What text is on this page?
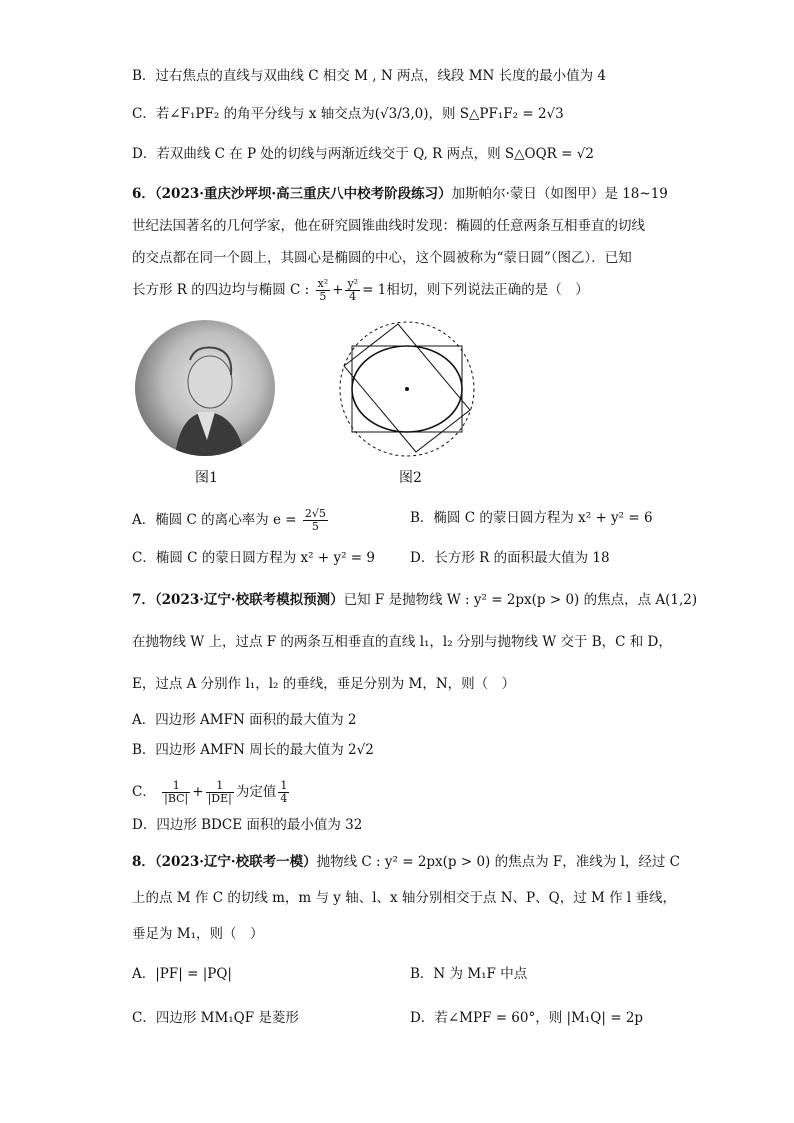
B．过右焦点的直线与双曲线 C 相交 M , N 两点，线段 MN 长度的最小值为 4
C．若∠F₁PF₂ 的角平分线与 x 轴交点为(√3/3,0)，则 S△PF₁F₂ = 2√3
D．若双曲线 C 在 P 处的切线与两渐近线交于 Q, R 两点，则 S△OQR = √2
6．（2023·重庆沙坪坝·高三重庆八中校考阶段练习）加斯帕尔·蒙日（如图甲）是 18~19
世纪法国著名的几何学家，他在研究圆锥曲线时发现：椭圆的任意两条互相垂直的切线
的交点都在同一个圆上，其圆心是椭圆的中心，这个圆被称为“蒙日圆”（图乙）．已知
长方形 R 的四边均与椭圆 C : $\frac{\text{x²}}{5} + \frac{\text{y²}}{4} = 1$相切，则下列说法正确的是（　）
图1	图2
A．椭圆 C 的离心率为 $e = \frac{2√5}{5}$	B．椭圆 C 的蒙日圆方程为 x² + y² = 6
C．椭圆 C 的蒙日圆方程为 x² + y² = 9	D．长方形 R 的面积最大值为 18
7．（2023·辽宁·校联考模拟预测）已知 F 是抛物线 W : y² = 2px(p > 0) 的焦点，点 A(1,2)
在抛物线 W 上，过点 F 的两条互相垂直的直线 l₁，l₂ 分别与抛物线 W 交于 B，C 和 D，
E，过点 A 分别作 l₁，l₂ 的垂线，垂足分别为 M，N，则（　）
A．四边形 AMFN 面积的最大值为 2
B．四边形 AMFN 周长的最大值为 2√2
C． $\frac{1}{|BC|} + \frac{1}{|DE|}$ 为定值 $\frac{1}{4}$
D．四边形 BDCE 面积的最小值为 32
8．（2023·辽宁·校联考一模）抛物线 C : y² = 2px(p > 0) 的焦点为 F，准线为 l，经过 C
上的点 M 作 C 的切线 m，m 与 y 轴、l、x 轴分别相交于点 N、P、Q，过 M 作 l 垂线，
垂足为 M₁，则（　）
A．|PF| = |PQ|	B．N 为 M₁F 中点
C．四边形 MM₁QF 是菱形	D．若∠MPF = 60°，则 |M₁Q| = 2p
